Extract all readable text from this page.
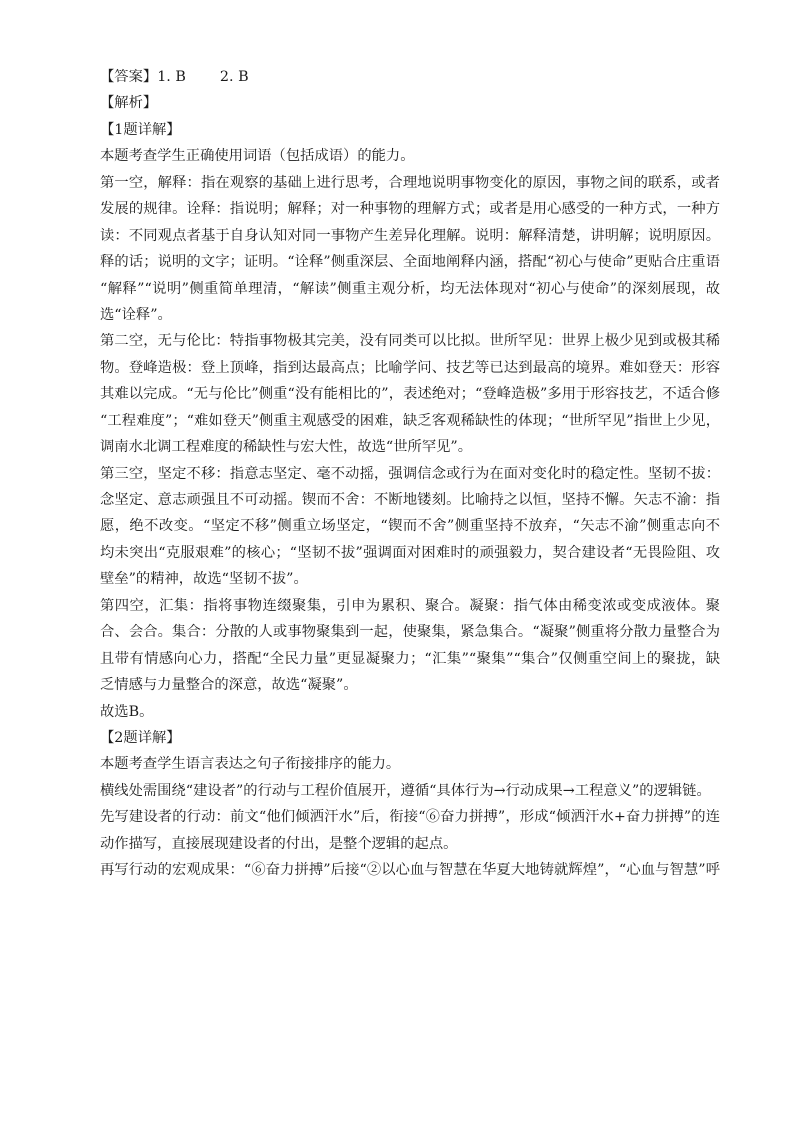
【答案】1. B 2. B
【解析】
【1题详解】
本题考查学生正确使用词语（包括成语）的能力。
第一空，解释：指在观察的基础上进行思考，合理地说明事物变化的原因，事物之间的联系，或者
发展的规律。诠释：指说明；解释；对一种事物的理解方式；或者是用心感受的一种方式，一种方
读：不同观点者基于自身认知对同一事物产生差异化理解。说明：解释清楚，讲明解；说明原因。
释的话；说明的文字；证明。“诠释”侧重深层、全面地阐释内涵，搭配“初心与使命”更贴合庄重语
“解释”“说明”侧重简单理清，“解读”侧重主观分析，均无法体现对“初心与使命”的深刻展现，故
选“诠释”。
第二空，无与伦比：特指事物极其完美，没有同类可以比拟。世所罕见：世界上极少见到或极其稀
物。登峰造极：登上顶峰，指到达最高点；比喻学问、技艺等已达到最高的境界。难如登天：形容
其难以完成。“无与伦比”侧重“没有能相比的”，表述绝对；“登峰造极”多用于形容技艺，不适合修
“工程难度”；“难如登天”侧重主观感受的困难，缺乏客观稀缺性的体现；“世所罕见”指世上少见，
调南水北调工程难度的稀缺性与宏大性，故选“世所罕见”。
第三空，坚定不移：指意志坚定、毫不动摇，强调信念或行为在面对变化时的稳定性。坚韧不拔：
念坚定、意志顽强且不可动摇。锲而不舍：不断地镂刻。比喻持之以恒，坚持不懈。矢志不渝：指
愿，绝不改变。“坚定不移”侧重立场坚定，“锲而不舍”侧重坚持不放弃，“矢志不渝”侧重志向不
均未突出“克服艰难”的核心；“坚韧不拔”强调面对困难时的顽强毅力，契合建设者“无畏险阻、攻
壁垒”的精神，故选“坚韧不拔”。
第四空，汇集：指将事物连缀聚集，引申为累积、聚合。凝聚：指气体由稀变浓或变成液体。聚
合、会合。集合：分散的人或事物聚集到一起，使聚集，紧急集合。“凝聚”侧重将分散力量整合为
且带有情感向心力，搭配“全民力量”更显凝聚力；“汇集”“聚集”“集合”仅侧重空间上的聚拢，缺
乏情感与力量整合的深意，故选“凝聚”。
故选B。
【2题详解】
本题考查学生语言表达之句子衔接排序的能力。
横线处需围绕“建设者”的行动与工程价值展开，遵循“具体行为→行动成果→工程意义”的逻辑链。
先写建设者的行动：前文“他们倾洒汗水”后，衔接“⑥奋力拼搏”，形成“倾洒汗水+奋力拼搏”的连
动作描写，直接展现建设者的付出，是整个逻辑的起点。
再写行动的宏观成果：“⑥奋力拼搏”后接“②以心血与智慧在华夏大地铸就辉煌”，“心血与智慧”呼
